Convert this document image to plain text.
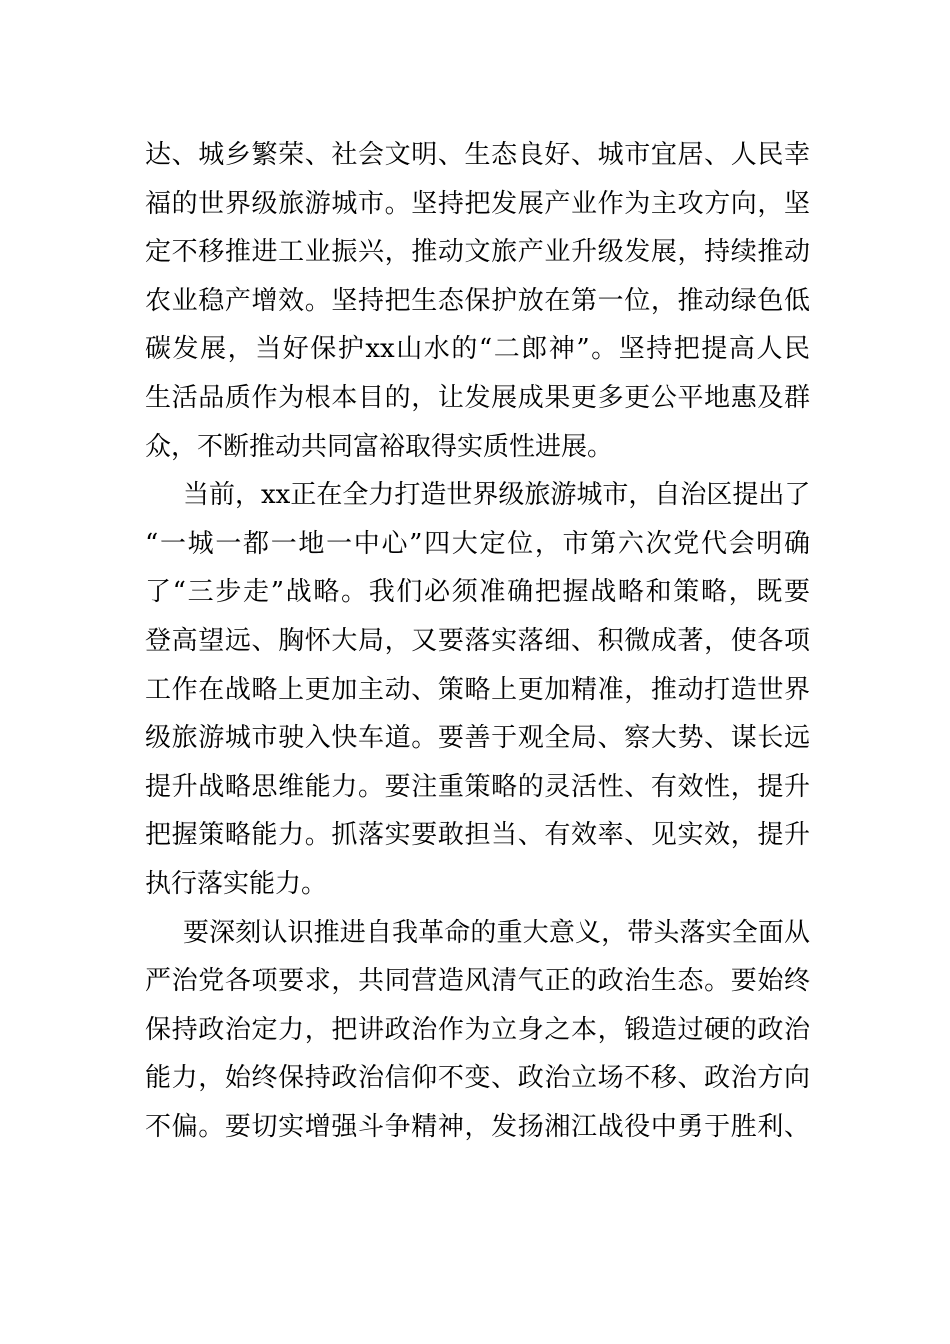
达、城乡繁荣、社会文明、生态良好、城市宜居、人民幸
福的世界级旅游城市。坚持把发展产业作为主攻方向，坚
定不移推进工业振兴，推动文旅产业升级发展，持续推动
农业稳产增效。坚持把生态保护放在第一位，推动绿色低
碳发展，当好保护xx山水的“二郎神”。坚持把提高人民
生活品质作为根本目的，让发展成果更多更公平地惠及群
众，不断推动共同富裕取得实质性进展。
当前，xx正在全力打造世界级旅游城市，自治区提出了
“一城一都一地一中心”四大定位，市第六次党代会明确
了“三步走”战略。我们必须准确把握战略和策略，既要
登高望远、胸怀大局，又要落实落细、积微成著，使各项
工作在战略上更加主动、策略上更加精准，推动打造世界
级旅游城市驶入快车道。要善于观全局、察大势、谋长远
提升战略思维能力。要注重策略的灵活性、有效性，提升
把握策略能力。抓落实要敢担当、有效率、见实效，提升
执行落实能力。
要深刻认识推进自我革命的重大意义，带头落实全面从
严治党各项要求，共同营造风清气正的政治生态。要始终
保持政治定力，把讲政治作为立身之本，锻造过硬的政治
能力，始终保持政治信仰不变、政治立场不移、政治方向
不偏。要切实增强斗争精神，发扬湘江战役中勇于胜利、
